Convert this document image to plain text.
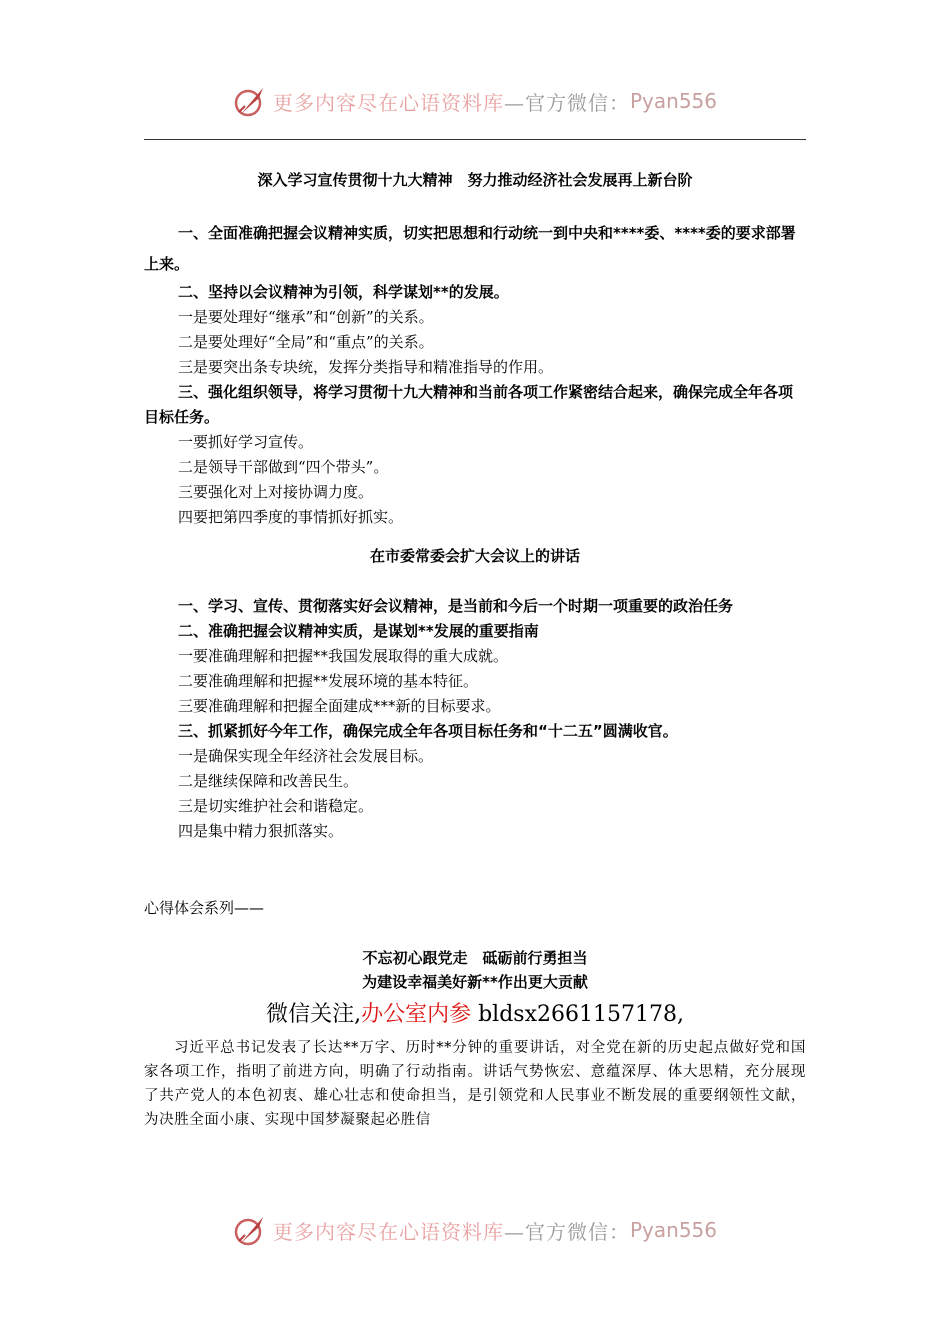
更多内容尽在心语资料库 —官方微信： Pyan556
深入学习宣传贯彻十九大精神　努力推动经济社会发展再上新台阶
一、全面准确把握会议精神实质，切实把思想和行动统一到中央和****委、****委的要求部署上来。
二、坚持以会议精神为引领，科学谋划**的发展。
一是要处理好“继承”和“创新”的关系。
二是要处理好“全局”和“重点”的关系。
三是要突出条专块统，发挥分类指导和精准指导的作用。
三、强化组织领导，将学习贯彻十九大精神和当前各项工作紧密结合起来，确保完成全年各项目标任务。
一要抓好学习宣传。
二是领导干部做到“四个带头”。
三要强化对上对接协调力度。
四要把第四季度的事情抓好抓实。
在市委常委会扩大会议上的讲话
一、学习、宣传、贯彻落实好会议精神，是当前和今后一个时期一项重要的政治任务
二、准确把握会议精神实质，是谋划**发展的重要指南
一要准确理解和把握**我国发展取得的重大成就。
二要准确理解和把握**发展环境的基本特征。
三要准确理解和把握全面建成***新的目标要求。
三、抓紧抓好今年工作，确保完成全年各项目标任务和“十二五”圆满收官。
一是确保实现全年经济社会发展目标。
二是继续保障和改善民生。
三是切实维护社会和谐稳定。
四是集中精力狠抓落实。
心得体会系列——
不忘初心跟党走　砥砺前行勇担当
为建设幸福美好新**作出更大贡献
微信关注,办公室内参 bldsx2661157178,
习近平总书记发表了长达**万字、历时**分钟的重要讲话，对全党在新的历史起点做好党和国家各项工作，指明了前进方向，明确了行动指南。讲话气势恢宏、意蕴深厚、体大思精，充分展现了共产党人的本色初衷、雄心壮志和使命担当，是引领党和人民事业不断发展的重要纲领性文献，为决胜全面小康、实现中国梦凝聚起必胜信
更多内容尽在心语资料库 —官方微信： Pyan556
